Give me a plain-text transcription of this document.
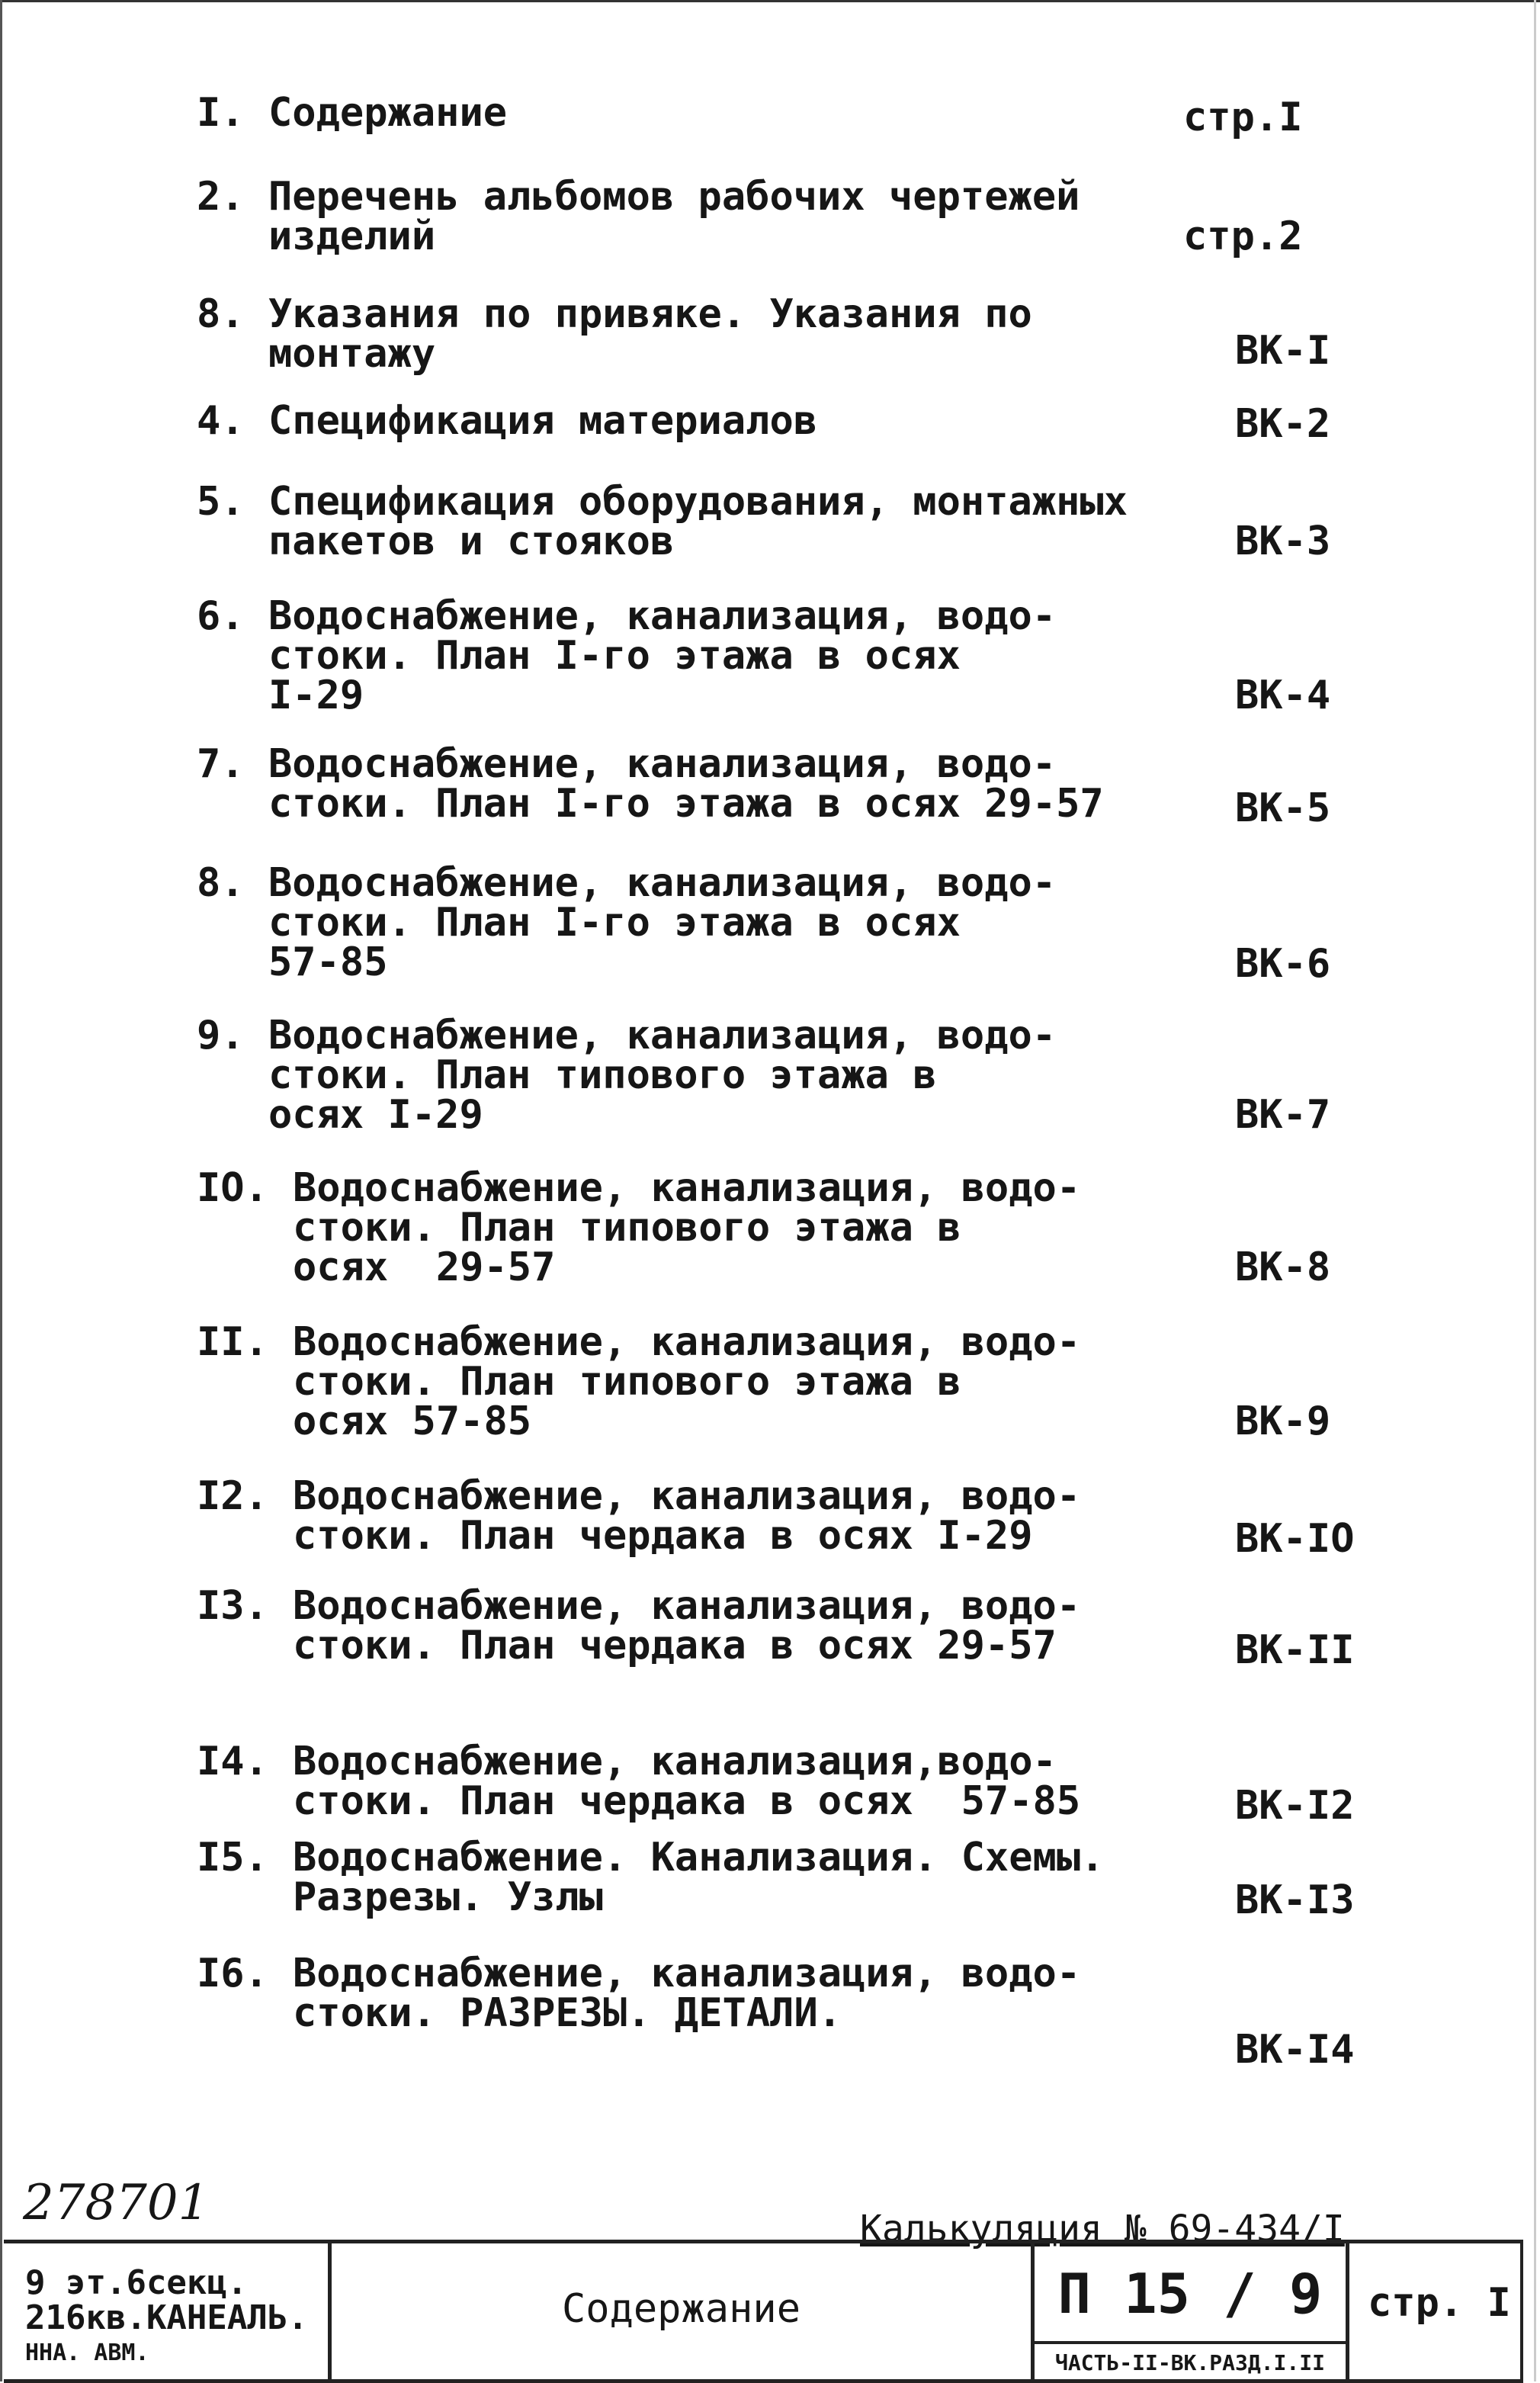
I. Содержание	стр.I
2. Перечень альбомов рабочих чертежей
изделий	стр.2
8. Указания по привяке. Указания по
монтажу	ВК-I
4. Спецификация материалов	ВК-2
5. Спецификация оборудования, монтажных
пакетов и стояков	ВК-3
6. Водоснабжение, канализация, водо-
стоки. План I-го этажа в осях
I-29	ВК-4
7. Водоснабжение, канализация, водо-
стоки. План I-го этажа в осях 29-57	ВК-5
8. Водоснабжение, канализация, водо-
стоки. План I-го этажа в осях
57-85	ВК-6
9. Водоснабжение, канализация, водо-
стоки. План типового этажа в
осях I-29	ВК-7
IO. Водоснабжение, канализация, водо-
стоки. План типового этажа в
осях  29-57	ВК-8
II. Водоснабжение, канализация, водо-
стоки. План типового этажа в
осях 57-85	ВК-9
I2. Водоснабжение, канализация, водо-
стоки. План чердака в осях I-29	ВК-IO
I3. Водоснабжение, канализация, водо-
стоки. План чердака в осях 29-57	ВК-II
I4. Водоснабжение, канализация,водо-
стоки. План чердака в осях  57-85	ВК-I2
I5. Водоснабжение. Канализация. Схемы.
Разрезы. Узлы	ВК-I3
I6. Водоснабжение, канализация, водо-
стоки. РАЗРЕЗЫ. ДЕТАЛИ.
ВК-I4
278701	Калькуляция № 69-434/I
9 эт.6секц.
216кв.КАНЕАЛЬ.
ННА. АВМ.
Содержание	П 15 / 9
ЧАСТЬ-II-ВК.РАЗД.I.II
стр. I
